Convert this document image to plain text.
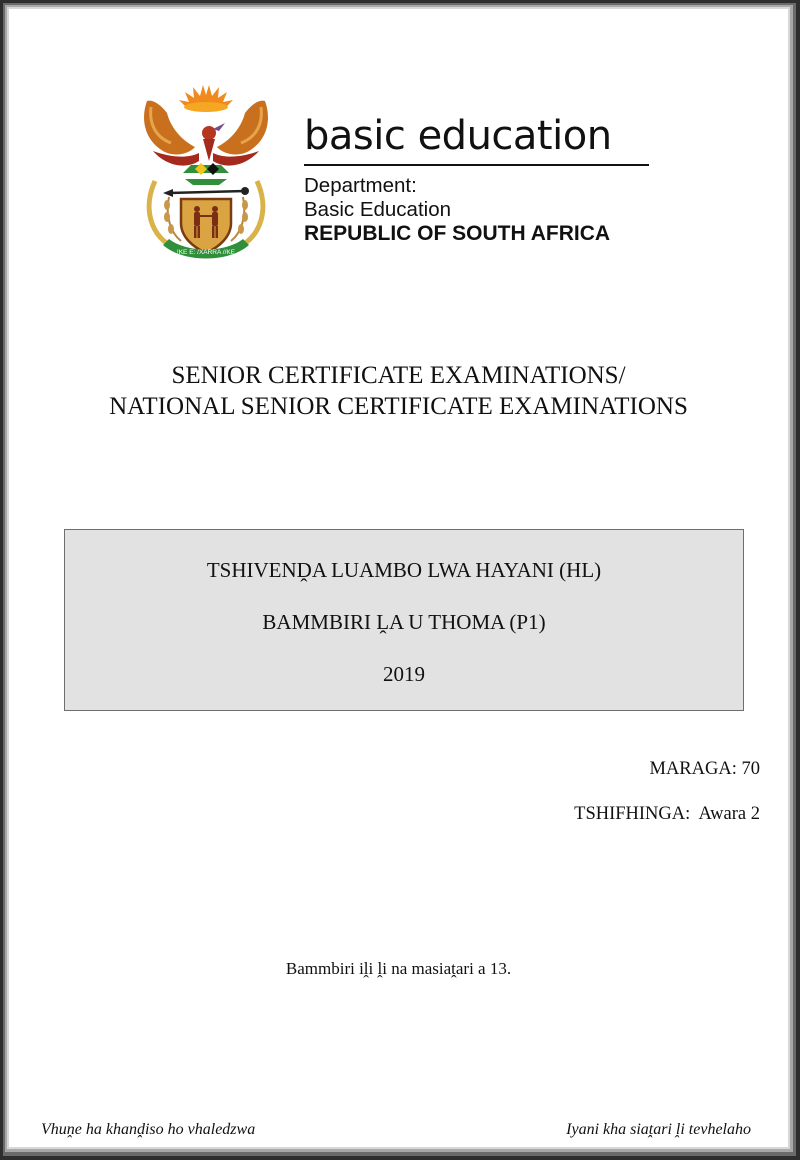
!KE E: /XARRA //KE
basic education
Department:
Basic Education
REPUBLIC OF SOUTH AFRICA
SENIOR CERTIFICATE EXAMINATIONS/
NATIONAL SENIOR CERTIFICATE EXAMINATIONS
TSHIVENḒA LUAMBO LWA HAYANI (HL)
BAMMBIRI ḼA U THOMA (P1)
2019
MARAGA: 70
TSHIFHINGA:  Awara 2
Bammbiri iḽi ḽi na masiaṱari a 13.
Vhuṋe ha khanḓiso ho vhaledzwa	Iyani kha siaṱari ḽi tevhelaho
